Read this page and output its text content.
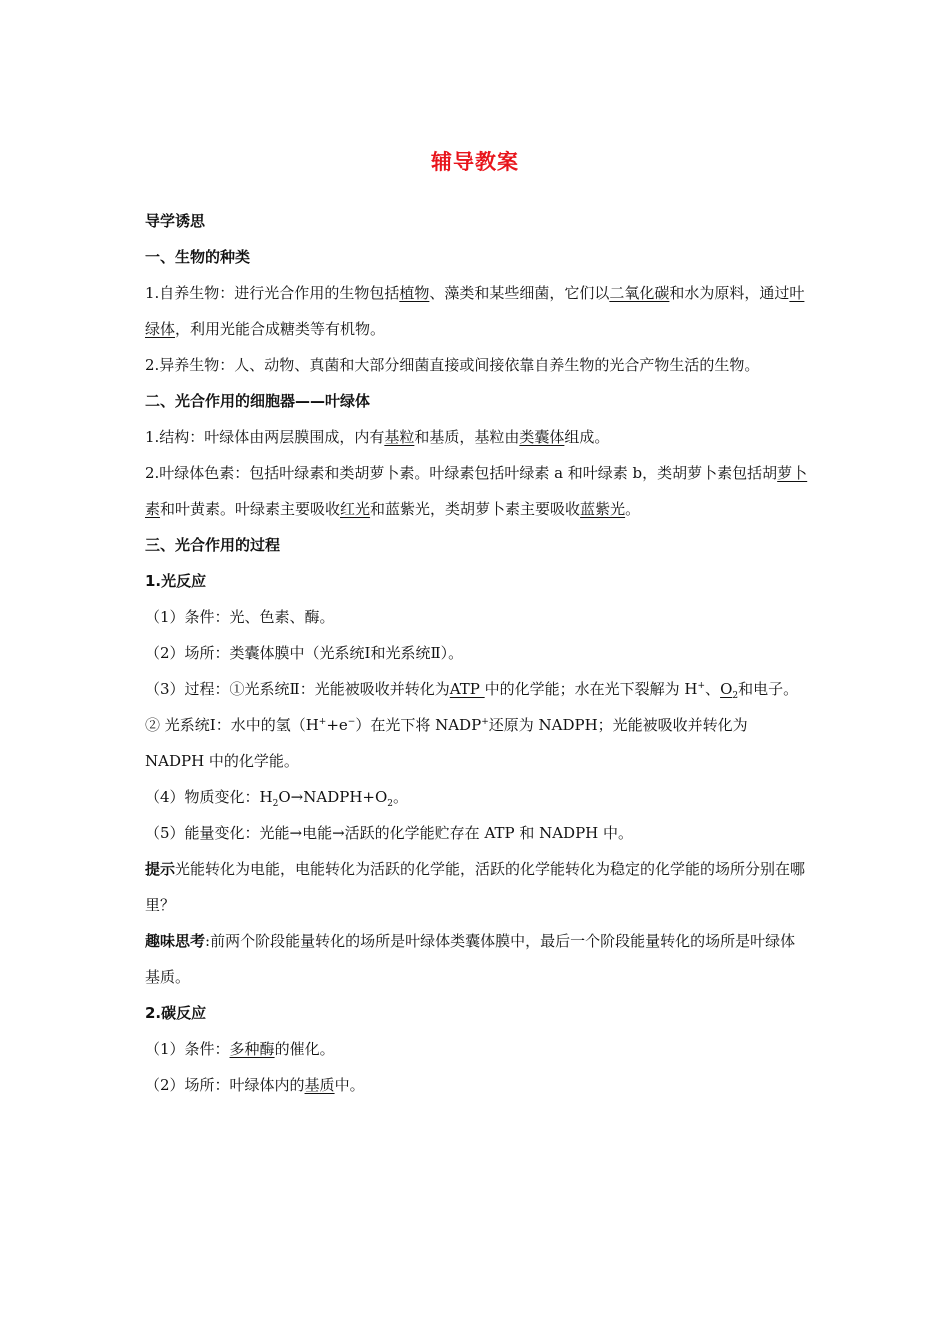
辅导教案
导学诱思
一、生物的种类
1.自养生物：进行光合作用的生物包括植物、藻类和某些细菌，它们以二氧化碳和水为原料，通过叶绿体，利用光能合成糖类等有机物。
2.异养生物：人、动物、真菌和大部分细菌直接或间接依靠自养生物的光合产物生活的生物。
二、光合作用的细胞器——叶绿体
1.结构：叶绿体由两层膜围成，内有基粒和基质，基粒由类囊体组成。
2.叶绿体色素：包括叶绿素和类胡萝卜素。叶绿素包括叶绿素 a 和叶绿素 b，类胡萝卜素包括胡萝卜素和叶黄素。叶绿素主要吸收红光和蓝紫光，类胡萝卜素主要吸收蓝紫光。
三、光合作用的过程
1.光反应
（1）条件：光、色素、酶。
（2）场所：类囊体膜中（光系统Ⅰ和光系统Ⅱ）。
（3）过程：①光系统Ⅱ：光能被吸收并转化为ATP 中的化学能；水在光下裂解为 H+、$O_2$和电子。
② 光系统Ⅰ：水中的氢（H++e−）在光下将 NADP+还原为 NADPH；光能被吸收并转化为 NADPH 中的化学能。
（4）物质变化：$H_2O\to NADPH+O_2$。
（5）能量变化：光能→电能→活跃的化学能贮存在 ATP 和 NADPH 中。
提示光能转化为电能，电能转化为活跃的化学能，活跃的化学能转化为稳定的化学能的场所分别在哪里？
趣味思考:前两个阶段能量转化的场所是叶绿体类囊体膜中，最后一个阶段能量转化的场所是叶绿体基质。
2.碳反应
（1）条件：多种酶的催化。
（2）场所：叶绿体内的基质中。
